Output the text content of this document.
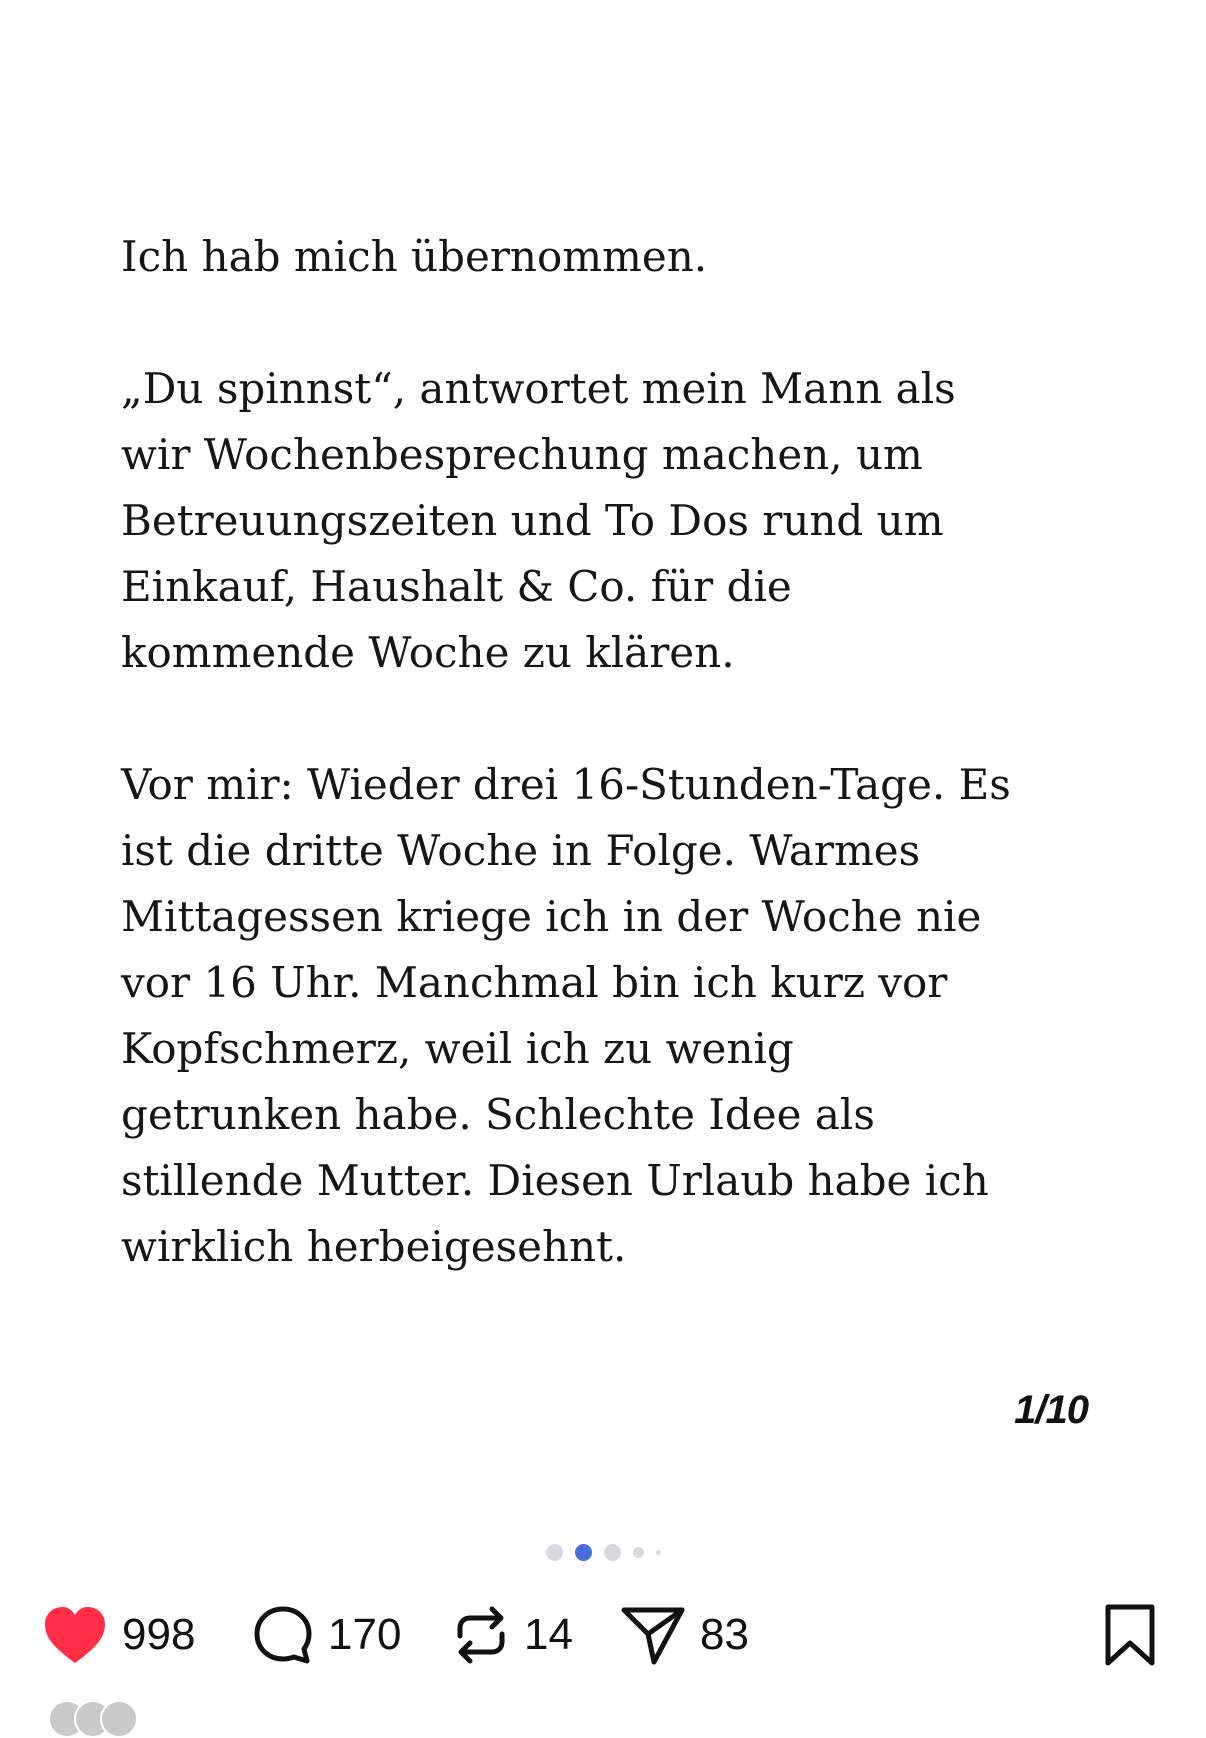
Ich hab mich übernommen.

„Du spinnst“, antwortet mein Mann als
wir Wochenbesprechung machen, um
Betreuungszeiten und To Dos rund um
Einkauf, Haushalt & Co. für die
kommende Woche zu klären.

Vor mir: Wieder drei 16-Stunden-Tage. Es
ist die dritte Woche in Folge. Warmes
Mittagessen kriege ich in der Woche nie
vor 16 Uhr. Manchmal bin ich kurz vor
Kopfschmerz, weil ich zu wenig
getrunken habe. Schlechte Idee als
stillende Mutter. Diesen Urlaub habe ich
wirklich herbeigesehnt.

1/10
998	170	14	83
